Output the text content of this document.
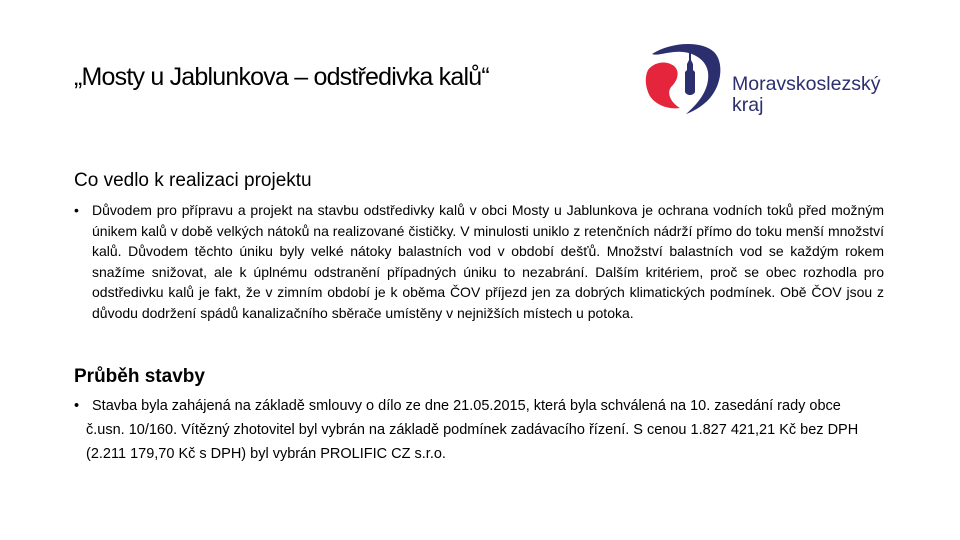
„Mosty u Jablunkova – odstředivka kalů“	Moravskoslezský
kraj
Co vedlo k realizaci projektu
• Důvodem pro přípravu a projekt na stavbu odstředivky kalů v obci Mosty u Jablunkova je ochrana vodních toků před možným únikem kalů v době velkých nátoků na realizované čističky. V minulosti uniklo z retenčních nádrží přímo do toku menší množství kalů. Důvodem těchto úniku byly velké nátoky balastních vod v období dešťů. Množství balastních vod se každým rokem snažíme snižovat, ale k úplnému odstranění případných úniku to nezabrání. Dalším kritériem, proč se obec rozhodla pro odstředivku kalů je fakt, že v zimním období je k oběma ČOV příjezd jen za dobrých klimatických podmínek. Obě ČOV jsou z důvodu dodržení spádů kanalizačního sběrače umístěny v nejnižších místech u potoka.
Průběh stavby
• Stavba byla zahájená na základě smlouvy o dílo ze dne 21.05.2015, která byla schválená na 10. zasedání rady obce č.usn. 10/160. Vítězný zhotovitel byl vybrán na základě podmínek zadávacího řízení. S cenou 1.827 421,21 Kč bez DPH (2.211 179,70 Kč s DPH) byl vybrán PROLIFIC CZ s.r.o.
